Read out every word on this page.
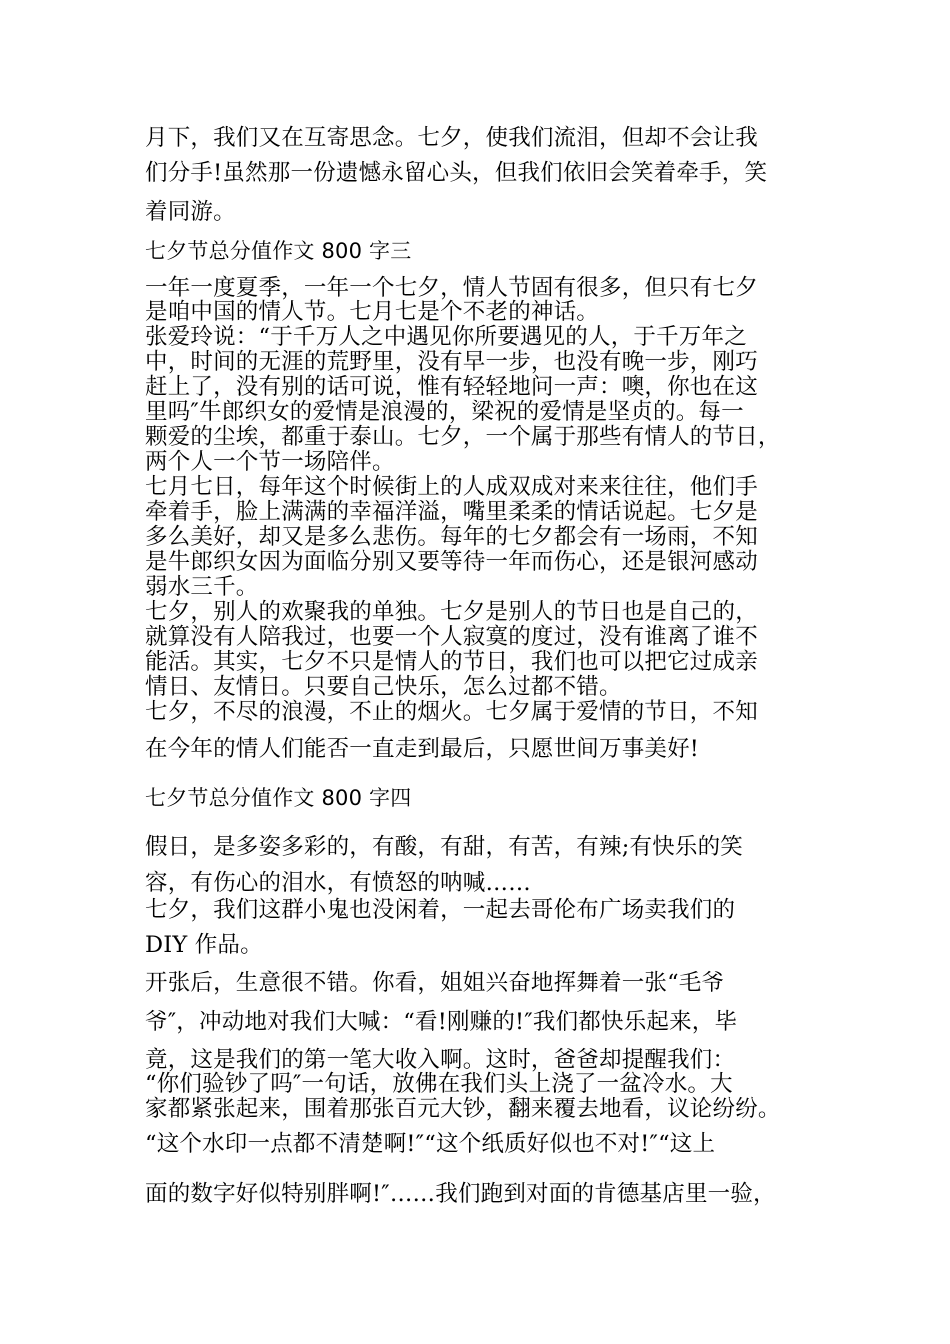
月下，我们又在互寄思念。七夕，使我们流泪，但却不会让我
们分手!虽然那一份遗憾永留心头，但我们依旧会笑着牵手，笑
着同游。
七夕节总分值作文 800 字三
一年一度夏季，一年一个七夕，情人节固有很多，但只有七夕
是咱中国的情人节。七月七是个不老的神话。
张爱玲说：“于千万人之中遇见你所要遇见的人，于千万年之
中，时间的无涯的荒野里，没有早一步，也没有晚一步，刚巧
赶上了，没有别的话可说，惟有轻轻地问一声：噢，你也在这
里吗″牛郎织女的爱情是浪漫的，梁祝的爱情是坚贞的。每一
颗爱的尘埃，都重于泰山。七夕，一个属于那些有情人的节日，
两个人一个节一场陪伴。
七月七日，每年这个时候街上的人成双成对来来往往，他们手
牵着手，脸上满满的幸福洋溢，嘴里柔柔的情话说起。七夕是
多么美好，却又是多么悲伤。每年的七夕都会有一场雨，不知
是牛郎织女因为面临分别又要等待一年而伤心，还是银河感动
弱水三千。
七夕，别人的欢聚我的单独。七夕是别人的节日也是自己的，
就算没有人陪我过，也要一个人寂寞的度过，没有谁离了谁不
能活。其实，七夕不只是情人的节日，我们也可以把它过成亲
情日、友情日。只要自己快乐，怎么过都不错。
七夕，不尽的浪漫，不止的烟火。七夕属于爱情的节日，不知
在今年的情人们能否一直走到最后，只愿世间万事美好!
七夕节总分值作文 800 字四
假日，是多姿多彩的，有酸，有甜，有苦，有辣;有快乐的笑
容，有伤心的泪水，有愤怒的呐喊……
七夕，我们这群小鬼也没闲着，一起去哥伦布广场卖我们的
DIY 作品。
开张后，生意很不错。你看，姐姐兴奋地挥舞着一张“毛爷
爷″，冲动地对我们大喊：“看!刚赚的!″我们都快乐起来，毕
竟，这是我们的第一笔大收入啊。这时，爸爸却提醒我们：
“你们验钞了吗″一句话，放佛在我们头上浇了一盆冷水。大
家都紧张起来，围着那张百元大钞，翻来覆去地看，议论纷纷。
“这个水印一点都不清楚啊!″“这个纸质好似也不对!″“这上
面的数字好似特别胖啊!″……我们跑到对面的肯德基店里一验，
